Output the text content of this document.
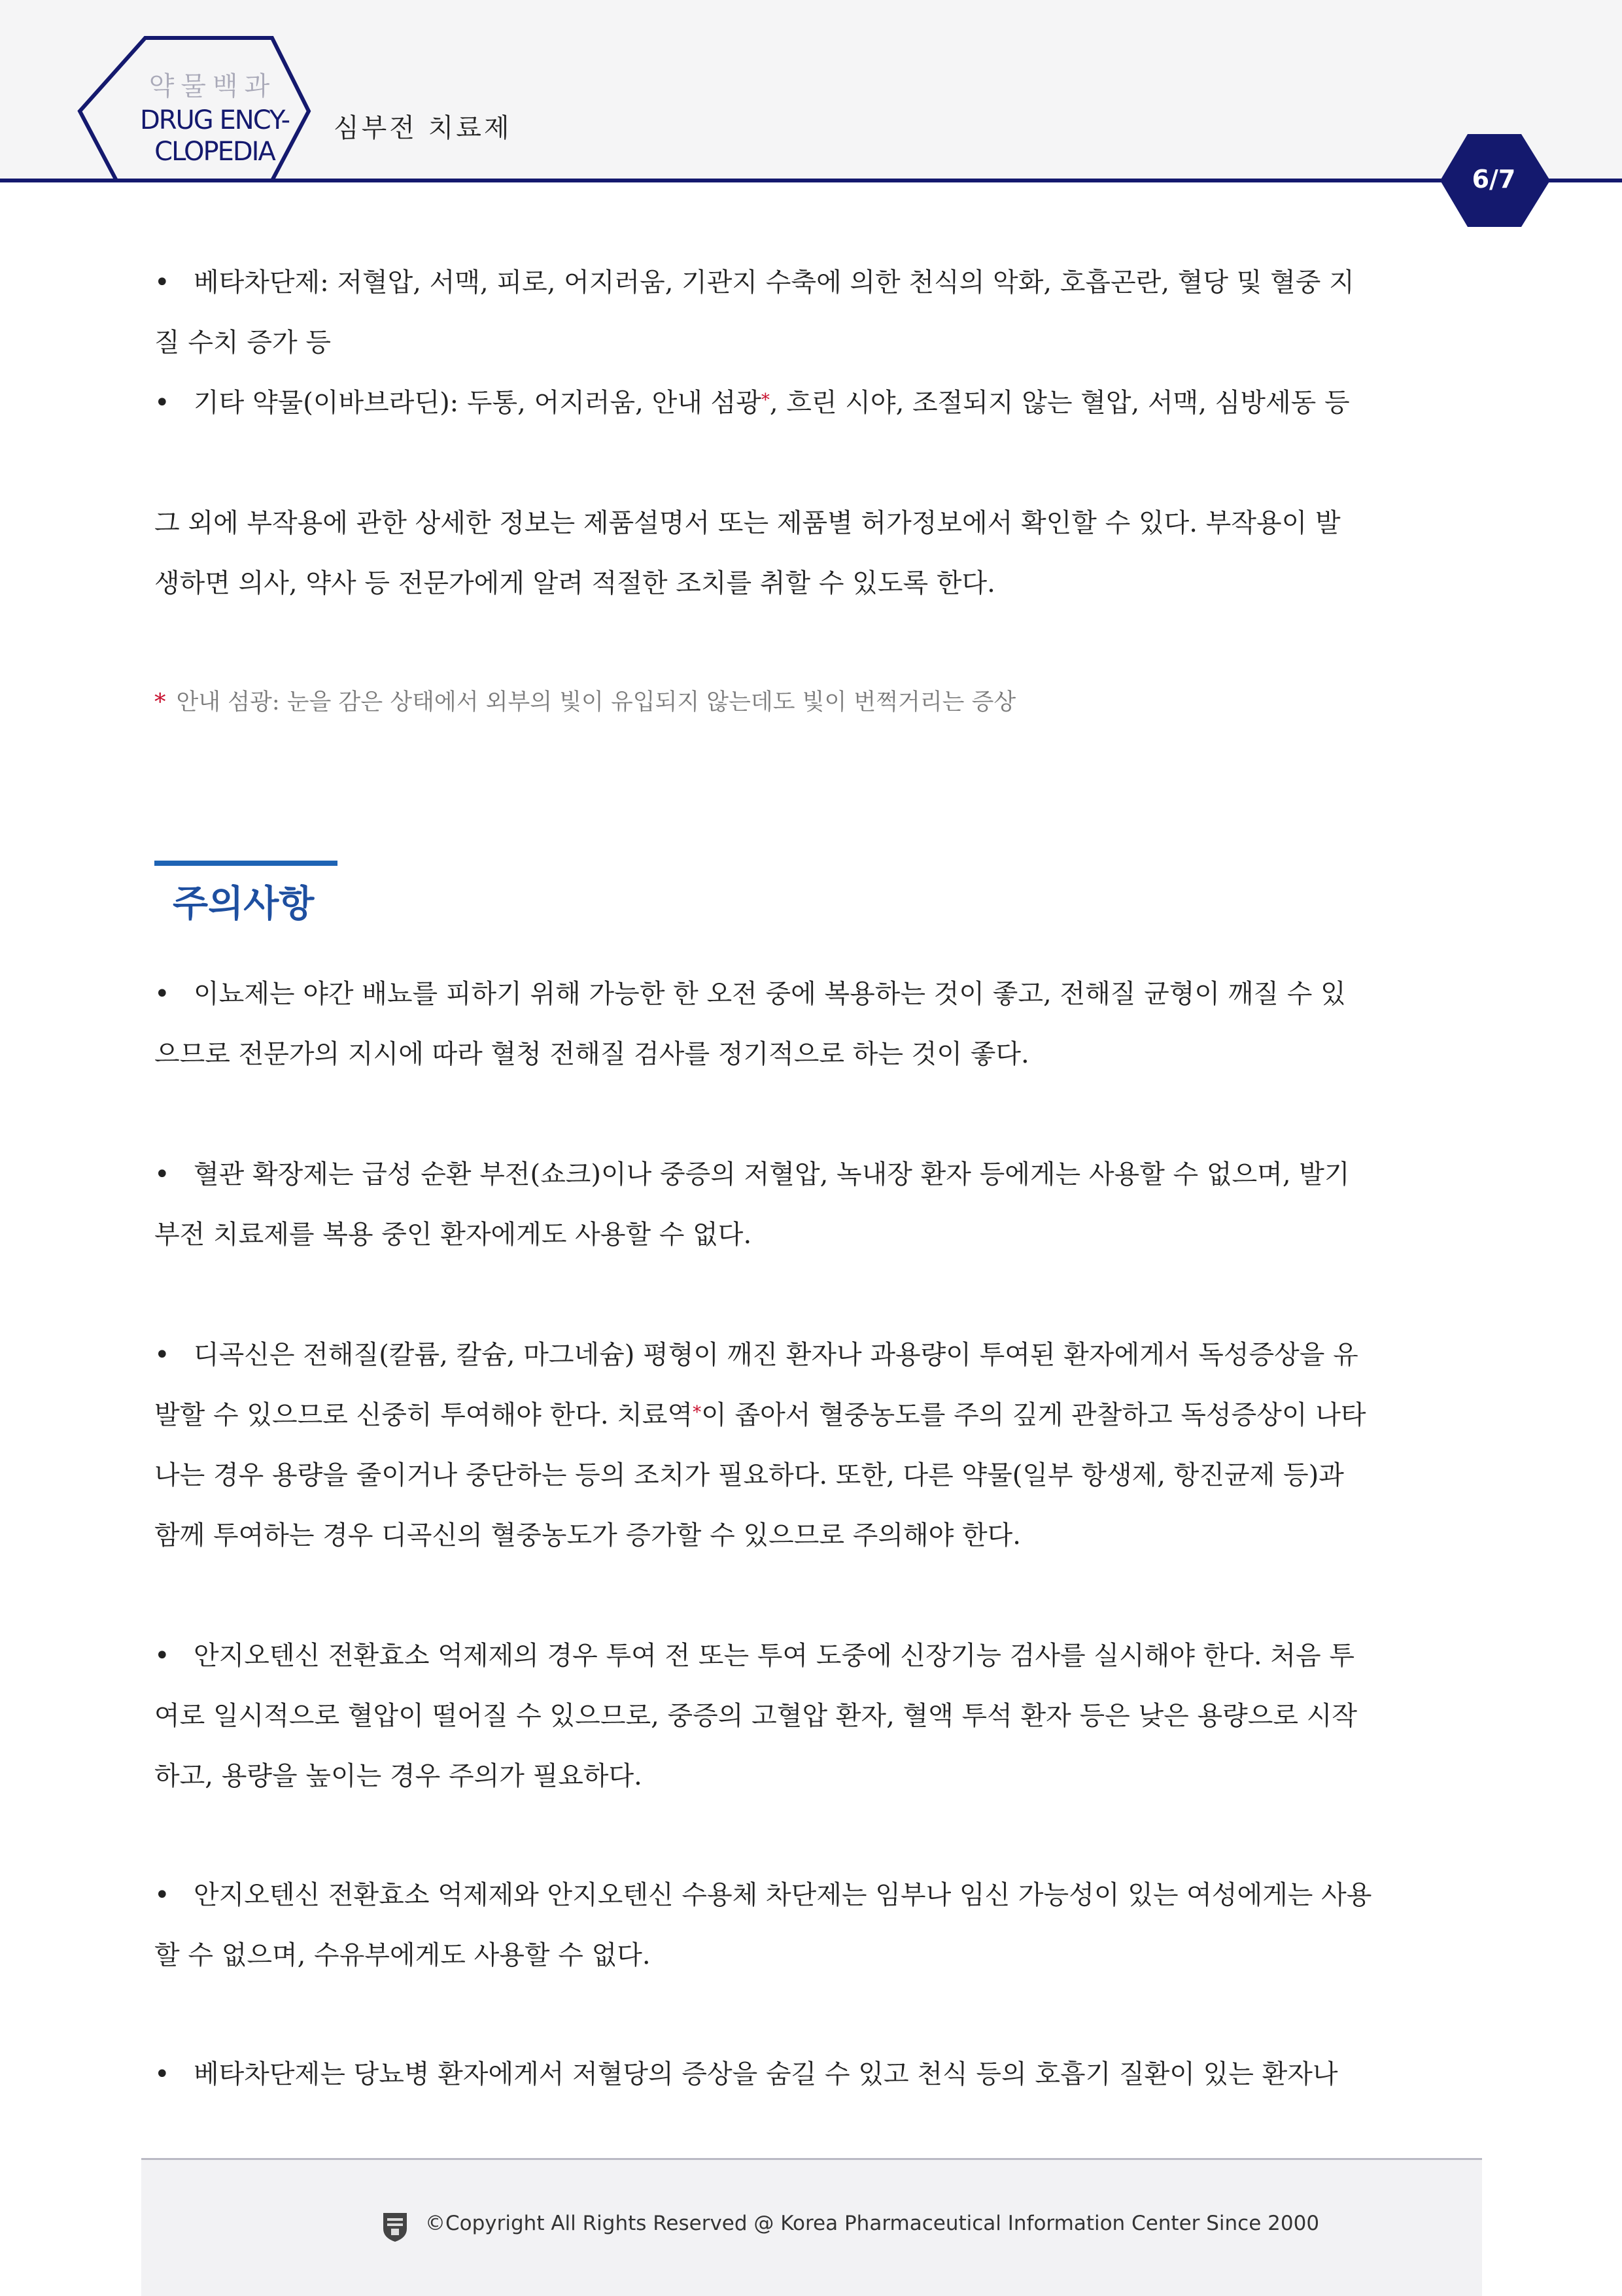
약물백과
DRUG ENCY-
CLOPEDIA
심부전 치료제
6/7

• 베타차단제: 저혈압, 서맥, 피로, 어지러움, 기관지 수축에 의한 천식의 악화, 호흡곤란, 혈당 및 혈중 지

질 수치 증가 등

• 기타 약물(이바브라딘): 두통, 어지러움, 안내 섬광*, 흐린 시야, 조절되지 않는 혈압, 서맥, 심방세동 등

그 외에 부작용에 관한 상세한 정보는 제품설명서 또는 제품별 허가정보에서 확인할 수 있다. 부작용이 발

생하면 의사, 약사 등 전문가에게 알려 적절한 조치를 취할 수 있도록 한다.

* 안내 섬광: 눈을 감은 상태에서 외부의 빛이 유입되지 않는데도 빛이 번쩍거리는 증상
주의사항

• 이뇨제는 야간 배뇨를 피하기 위해 가능한 한 오전 중에 복용하는 것이 좋고, 전해질 균형이 깨질 수 있

으므로 전문가의 지시에 따라 혈청 전해질 검사를 정기적으로 하는 것이 좋다.

• 혈관 확장제는 급성 순환 부전(쇼크)이나 중증의 저혈압, 녹내장 환자 등에게는 사용할 수 없으며, 발기

부전 치료제를 복용 중인 환자에게도 사용할 수 없다.

• 디곡신은 전해질(칼륨, 칼슘, 마그네슘) 평형이 깨진 환자나 과용량이 투여된 환자에게서 독성증상을 유

발할 수 있으므로 신중히 투여해야 한다. 치료역*이 좁아서 혈중농도를 주의 깊게 관찰하고 독성증상이 나타

나는 경우 용량을 줄이거나 중단하는 등의 조치가 필요하다. 또한, 다른 약물(일부 항생제, 항진균제 등)과

함께 투여하는 경우 디곡신의 혈중농도가 증가할 수 있으므로 주의해야 한다.

• 안지오텐신 전환효소 억제제의 경우 투여 전 또는 투여 도중에 신장기능 검사를 실시해야 한다. 처음 투

여로 일시적으로 혈압이 떨어질 수 있으므로, 중증의 고혈압 환자, 혈액 투석 환자 등은 낮은 용량으로 시작

하고, 용량을 높이는 경우 주의가 필요하다.

• 안지오텐신 전환효소 억제제와 안지오텐신 수용체 차단제는 임부나 임신 가능성이 있는 여성에게는 사용

할 수 없으며, 수유부에게도 사용할 수 없다.

• 베타차단제는 당뇨병 환자에게서 저혈당의 증상을 숨길 수 있고 천식 등의 호흡기 질환이 있는 환자나

©Copyright All Rights Reserved @ Korea Pharmaceutical Information Center Since 2000
